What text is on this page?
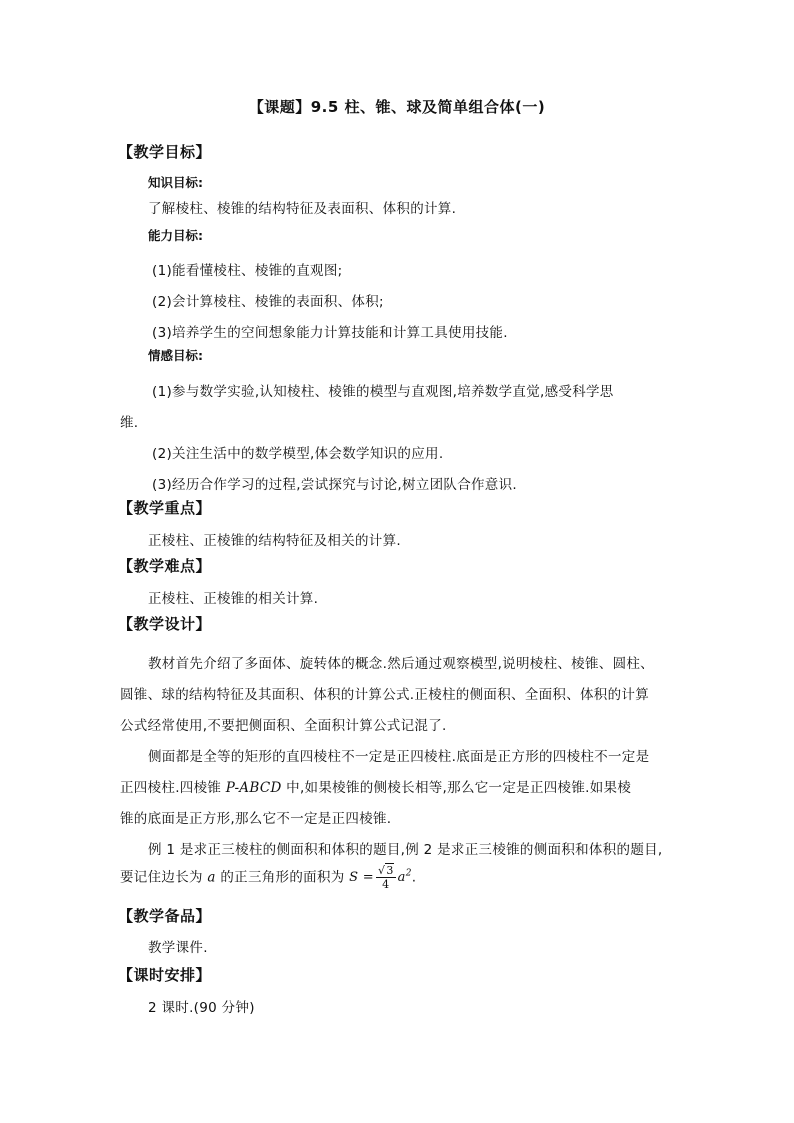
【课题】9.5 柱、锥、球及简单组合体(一)
【教学目标】
知识目标:
了解棱柱、棱锥的结构特征及表面积、体积的计算.
能力目标:
(1)能看懂棱柱、棱锥的直观图;
(2)会计算棱柱、棱锥的表面积、体积;
(3)培养学生的空间想象能力计算技能和计算工具使用技能.
情感目标:
(1)参与数学实验,认知棱柱、棱锥的模型与直观图,培养数学直觉,感受科学思
维.
(2)关注生活中的数学模型,体会数学知识的应用.
(3)经历合作学习的过程,尝试探究与讨论,树立团队合作意识.
【教学重点】
正棱柱、正棱锥的结构特征及相关的计算.
【教学难点】
正棱柱、正棱锥的相关计算.
【教学设计】
教材首先介绍了多面体、旋转体的概念.然后通过观察模型,说明棱柱、棱锥、圆柱、
圆锥、球的结构特征及其面积、体积的计算公式.正棱柱的侧面积、全面积、体积的计算
公式经常使用,不要把侧面积、全面积计算公式记混了.
侧面都是全等的矩形的直四棱柱不一定是正四棱柱.底面是正方形的四棱柱不一定是
正四棱柱.四棱锥 P-ABCD 中,如果棱锥的侧棱长相等,那么它一定是正四棱锥.如果棱
锥的底面是正方形,那么它不一定是正四棱锥.
例 1 是求正三棱柱的侧面积和体积的题目,例 2 是求正三棱锥的侧面积和体积的题目,
要记住边长为 a 的正三角形的面积为 $S = \frac{√3}{4} a^2$.
【教学备品】
教学课件.
【课时安排】
2 课时.(90 分钟)
